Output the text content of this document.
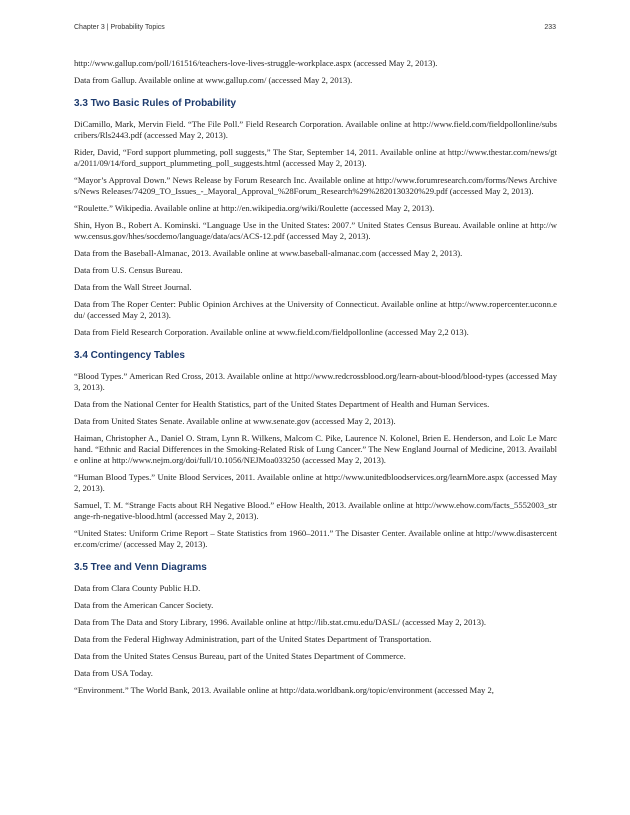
Chapter 3 | Probability Topics	233

http://www.gallup.com/poll/161516/teachers-love-lives-struggle-workplace.aspx (accessed May 2, 2013).

Data from Gallup. Available online at www.gallup.com/ (accessed May 2, 2013).

3.3 Two Basic Rules of Probability

DiCamillo, Mark, Mervin Field. “The File Poll.” Field Research Corporation. Available online at http://www.field.com/fieldpollonline/subscribers/Rls2443.pdf (accessed May 2, 2013).

Rider, David, “Ford support plummeting, poll suggests,” The Star, September 14, 2011. Available online at http://www.thestar.com/news/gta/2011/09/14/ford_support_plummeting_poll_suggests.html (accessed May 2, 2013).

“Mayor’s Approval Down.” News Release by Forum Research Inc. Available online at http://www.forumresearch.com/forms/News Archives/News Releases/74209_TO_Issues_-_Mayoral_Approval_%28Forum_Research%29%2820130320%29.pdf (accessed May 2, 2013).

“Roulette.” Wikipedia. Available online at http://en.wikipedia.org/wiki/Roulette (accessed May 2, 2013).

Shin, Hyon B., Robert A. Kominski. “Language Use in the United States: 2007.” United States Census Bureau. Available online at http://www.census.gov/hhes/socdemo/language/data/acs/ACS-12.pdf (accessed May 2, 2013).

Data from the Baseball-Almanac, 2013. Available online at www.baseball-almanac.com (accessed May 2, 2013).

Data from U.S. Census Bureau.

Data from the Wall Street Journal.

Data from The Roper Center: Public Opinion Archives at the University of Connecticut. Available online at http://www.ropercenter.uconn.edu/ (accessed May 2, 2013).

Data from Field Research Corporation. Available online at www.field.com/fieldpollonline (accessed May 2,2 013).

3.4 Contingency Tables

“Blood Types.” American Red Cross, 2013. Available online at http://www.redcrossblood.org/learn-about-blood/blood-types (accessed May 3, 2013).

Data from the National Center for Health Statistics, part of the United States Department of Health and Human Services.

Data from United States Senate. Available online at www.senate.gov (accessed May 2, 2013).

Haiman, Christopher A., Daniel O. Stram, Lynn R. Wilkens, Malcom C. Pike, Laurence N. Kolonel, Brien E. Henderson, and Loïc Le Marchand. “Ethnic and Racial Differences in the Smoking-Related Risk of Lung Cancer.” The New England Journal of Medicine, 2013. Available online at http://www.nejm.org/doi/full/10.1056/NEJMoa033250 (accessed May 2, 2013).

“Human Blood Types.” Unite Blood Services, 2011. Available online at http://www.unitedbloodservices.org/learnMore.aspx (accessed May 2, 2013).

Samuel, T. M. “Strange Facts about RH Negative Blood.” eHow Health, 2013. Available online at http://www.ehow.com/facts_5552003_strange-rh-negative-blood.html (accessed May 2, 2013).

“United States: Uniform Crime Report – State Statistics from 1960–2011.” The Disaster Center. Available online at http://www.disastercenter.com/crime/ (accessed May 2, 2013).

3.5 Tree and Venn Diagrams

Data from Clara County Public H.D.

Data from the American Cancer Society.

Data from The Data and Story Library, 1996. Available online at http://lib.stat.cmu.edu/DASL/ (accessed May 2, 2013).

Data from the Federal Highway Administration, part of the United States Department of Transportation.

Data from the United States Census Bureau, part of the United States Department of Commerce.

Data from USA Today.

“Environment.” The World Bank, 2013. Available online at http://data.worldbank.org/topic/environment (accessed May 2,
